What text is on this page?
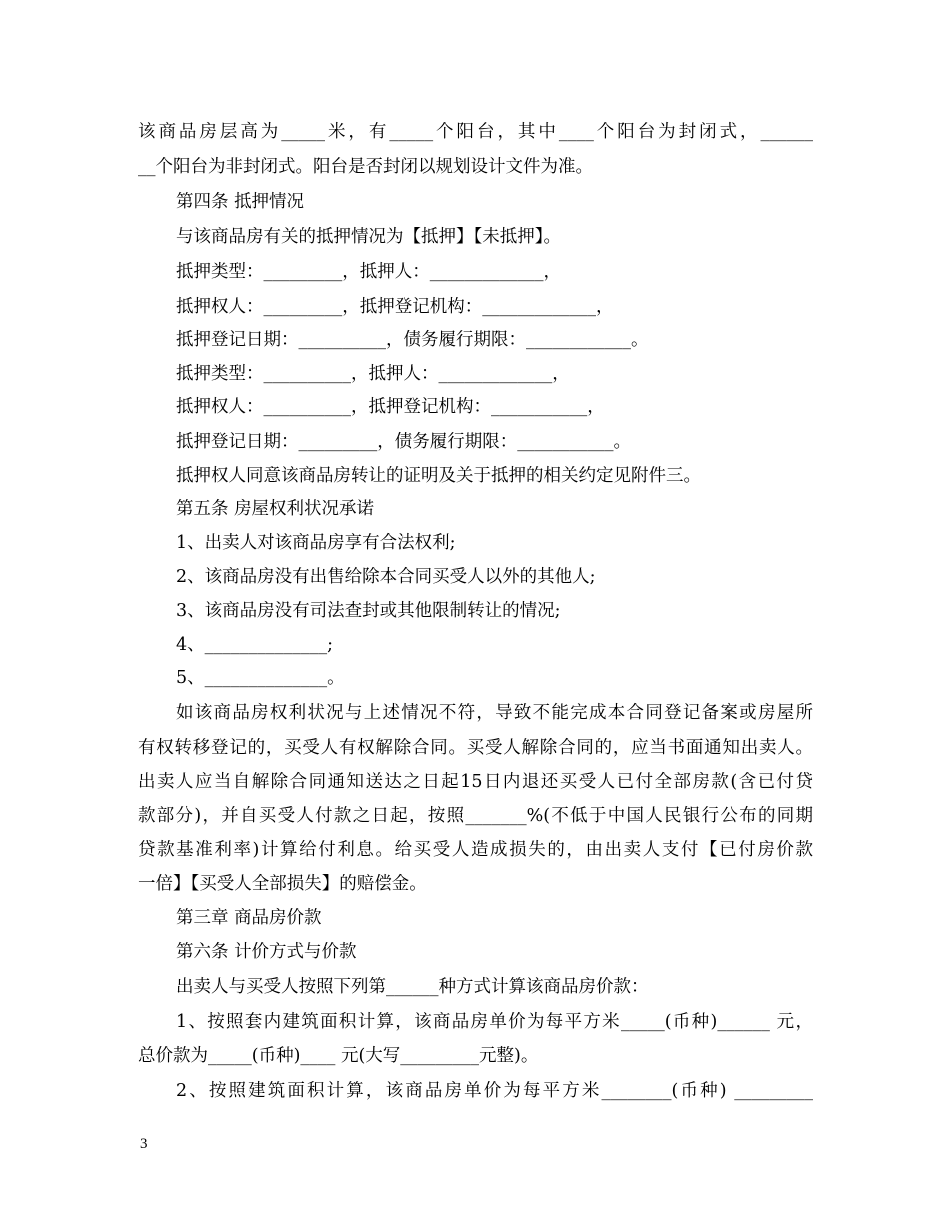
该商品房层高为_____米，有_____个阳台，其中____个阳台为封闭式，______
__个阳台为非封闭式。阳台是否封闭以规划设计文件为准。
第四条 抵押情况
与该商品房有关的抵押情况为【抵押】【未抵押】。
抵押类型：_________，抵押人：_____________，
抵押权人：_________，抵押登记机构：_____________，
抵押登记日期：__________，债务履行期限：____________。
抵押类型：__________，抵押人：_____________，
抵押权人：__________，抵押登记机构：___________，
抵押登记日期：_________，债务履行期限：___________。
抵押权人同意该商品房转让的证明及关于抵押的相关约定见附件三。
第五条 房屋权利状况承诺
1、出卖人对该商品房享有合法权利;
2、该商品房没有出售给除本合同买受人以外的其他人;
3、该商品房没有司法查封或其他限制转让的情况;
4、______________;
5、______________。
如该商品房权利状况与上述情况不符，导致不能完成本合同登记备案或房屋所
有权转移登记的，买受人有权解除合同。买受人解除合同的，应当书面通知出卖人。
出卖人应当自解除合同通知送达之日起15日内退还买受人已付全部房款(含已付贷
款部分)，并自买受人付款之日起，按照_______%(不低于中国人民银行公布的同期
贷款基准利率)计算给付利息。给买受人造成损失的，由出卖人支付【已付房价款
一倍】【买受人全部损失】的赔偿金。
第三章 商品房价款
第六条 计价方式与价款
出卖人与买受人按照下列第______种方式计算该商品房价款：
1、按照套内建筑面积计算，该商品房单价为每平方米_____(币种)______ 元，
总价款为_____(币种)____ 元(大写_________元整)。
2、按照建筑面积计算，该商品房单价为每平方米________(币种) _________
3
